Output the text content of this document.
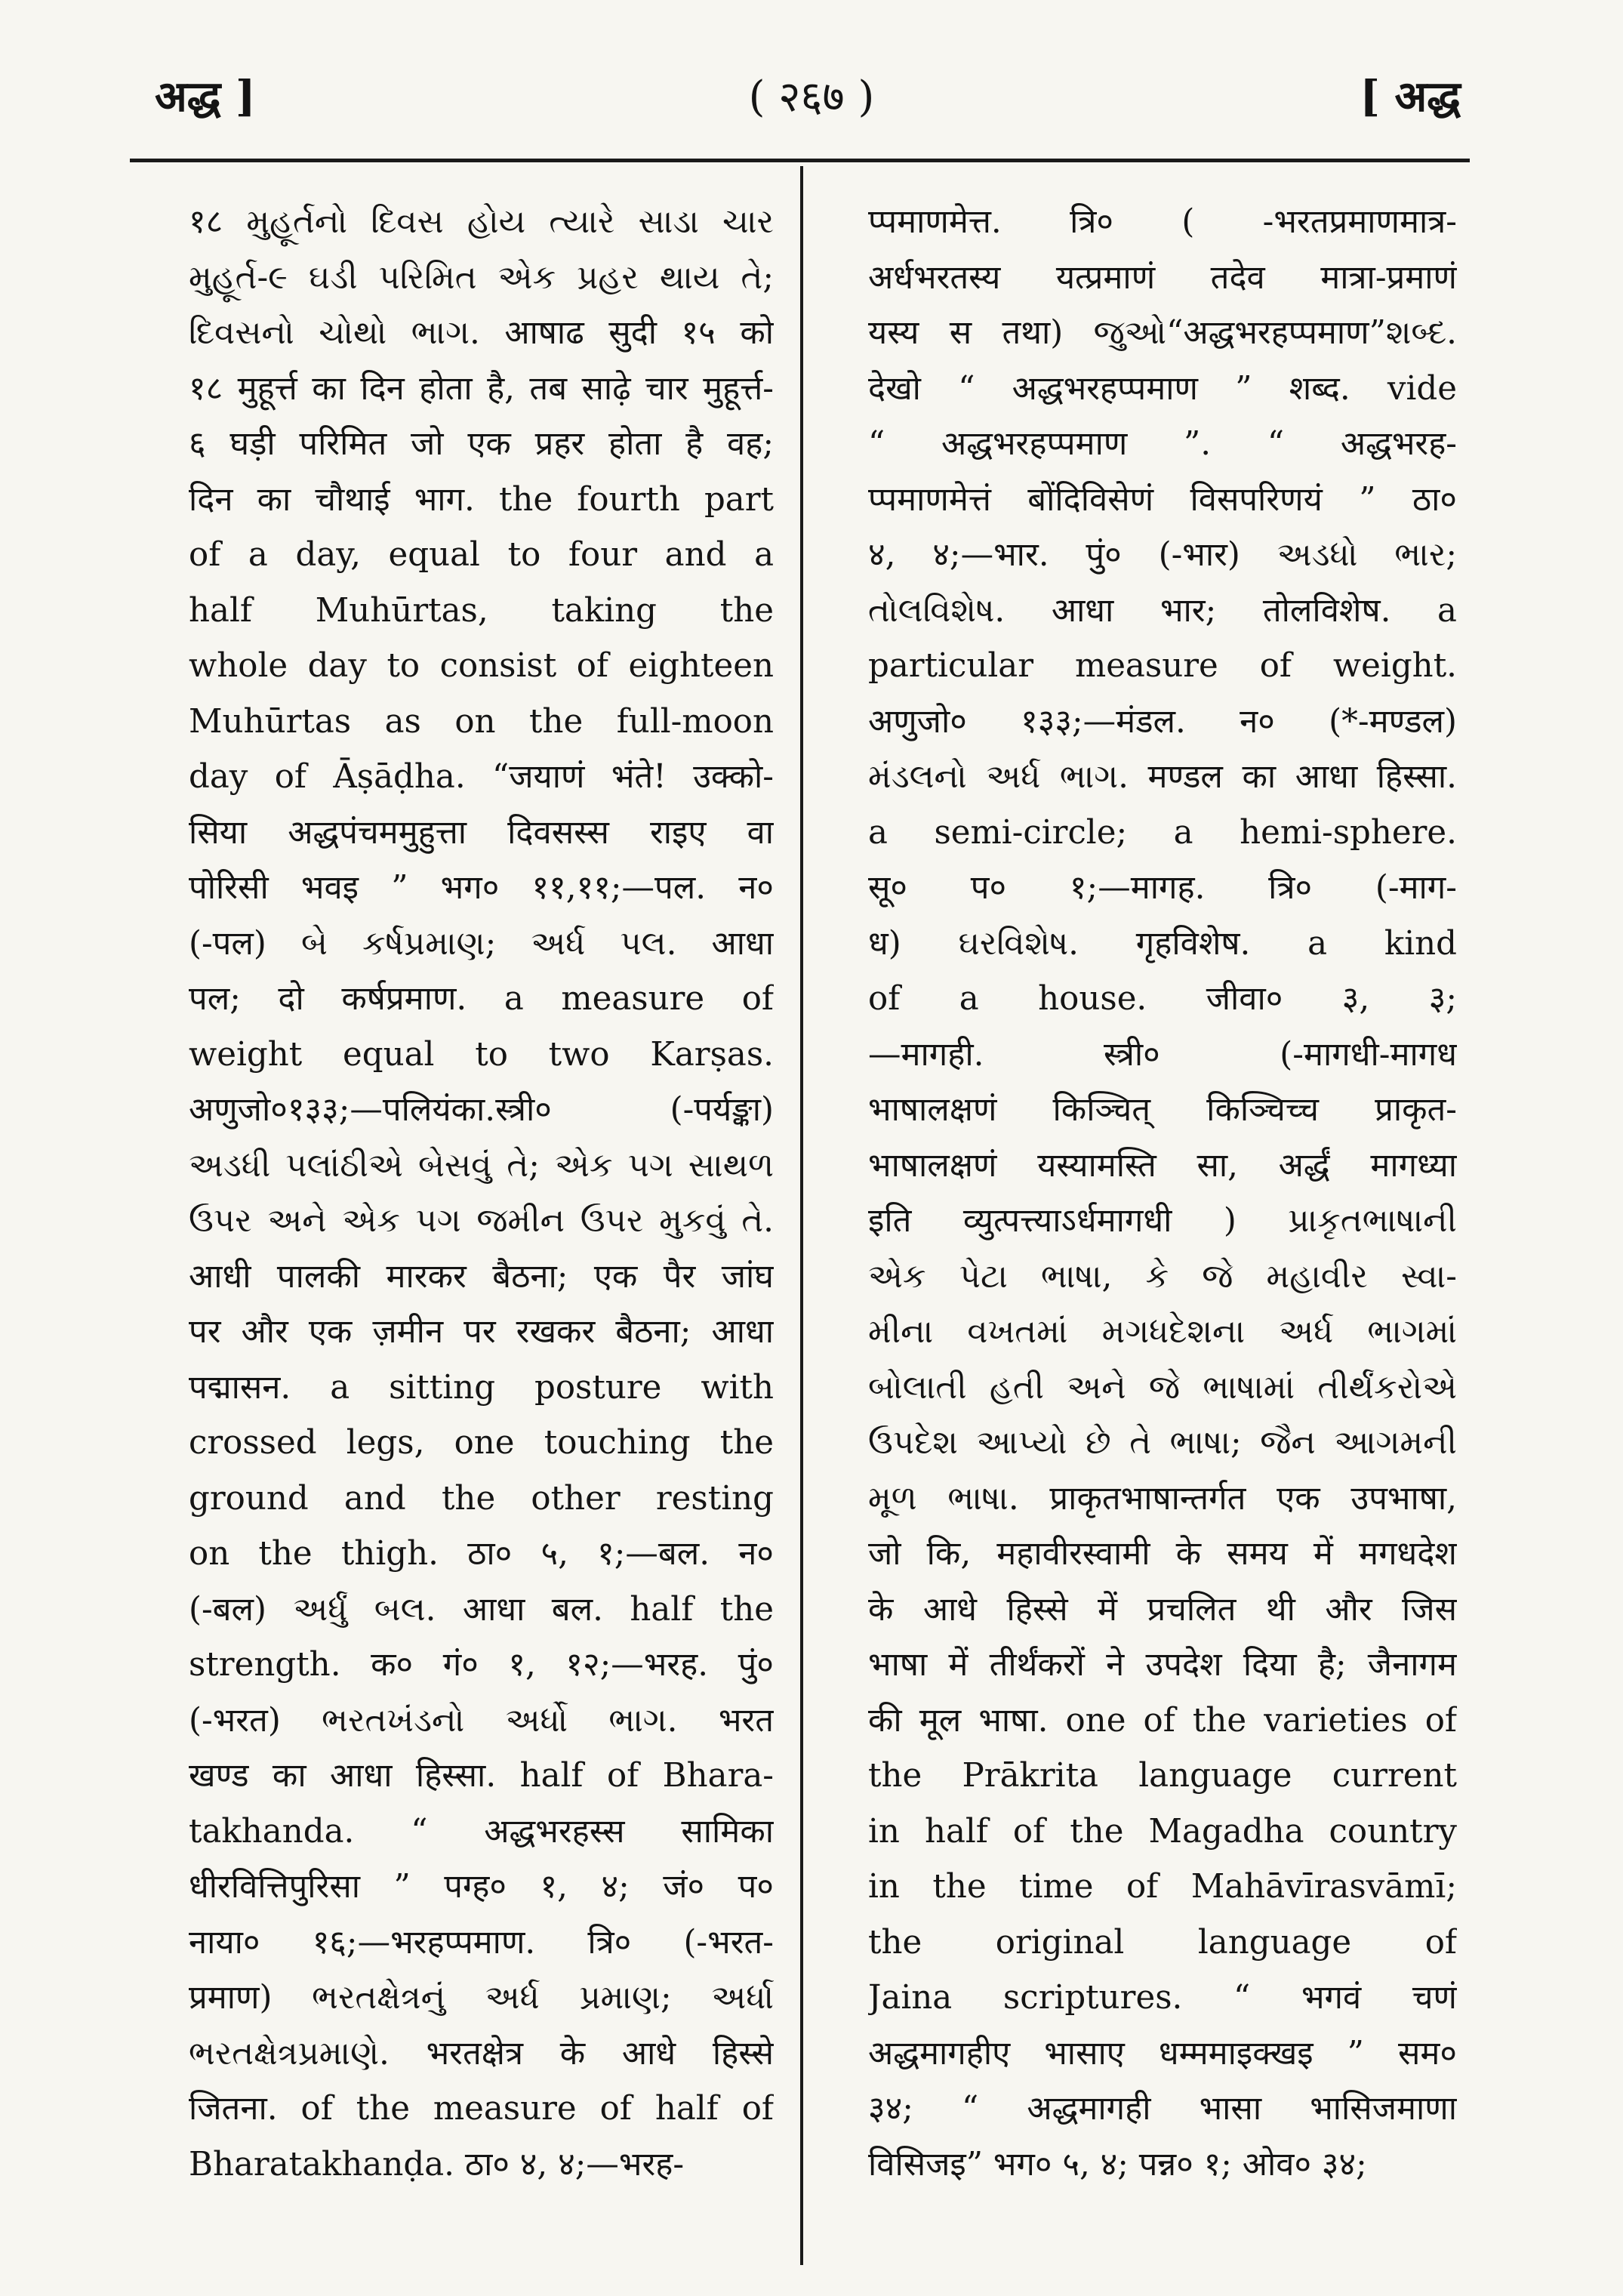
अद्ध ]	( २६७ )	[ अद्ध
१८ મુહૂર્તનો દિવસ હોય ત્યારે સાડા ચાર
મુહૂર્ત-૯ ઘડી પરિમિત એક પ્રહર થાય તે;
દિવસનો ચોથો ભાગ. आषाढ सुदी १५ को
१८ मुहूर्त्त का दिन होता है, तब साढ़े चार मुहूर्त्त-
६ घड़ी परिमित जो एक प्रहर होता है वह;
दिन का चौथाई भाग. the fourth part
of a day, equal to four and a
half Muhūrtas, taking the
whole day to consist of eighteen
Muhūrtas as on the full-moon
day of Āṣāḍha. “जयाणं भंते! उक्को-
सिया अद्धपंचममुहुत्ता दिवसस्स राइए वा
पोरिसी भवइ ” भग० ११,११;—पल. न०
(-पल) બે કર્ષપ્રમાણ; અર્ધ પલ. आधा
पल; दो कर्षप्रमाण. a measure of
weight equal to two Karṣas.
अणुजो०१३३;—पलियंका.स्त्री० (-पर्यङ्का)
અડધી પલાંઠીએ બેસવું તે; એક પગ સાથળ
ઉપર અને એક પગ જમીન ઉપર મુકવું તે.
आधी पालकी मारकर बैठना; एक पैर जांघ
पर और एक ज़मीन पर रखकर बैठना; आधा
पद्मासन. a sitting posture with
crossed legs, one touching the
ground and the other resting
on the thigh. ठा० ५, १;—बल. न०
(-बल) અર્ધું બલ. आधा बल. half the
strength. क० गं० १, १२;—भरह. पुं०
(-भरत) ભરતખંડનો અર્ધો ભાગ. भरत
खण्ड का आधा हिस्सा. half of Bhara-
takhanda. “ अद्धभरहस्स सामिका
धीरवित्तिपुरिसा ” पग्ह० १, ४; जं० प०
नाया० १६;—भरहप्पमाण. त्रि० (-भरत-
प्रमाण) ભરતક્ષેત્રનું અર્ધ પ્રમાણ; અર્ધા
ભરતક્ષેત્રપ્રમાણે. भरतक्षेत्र के आधे हिस्से
जितना. of the measure of half of
Bharatakhanḍa. ठा० ४, ४;—भरह-
प्पमाणमेत्त. त्रि० ( -भरतप्रमाणमात्र-
अर्धभरतस्य यत्प्रमाणं तदेव मात्रा-प्रमाणं
यस्य स तथा) જુઓ“अद्धभरहप्पमाण”શબ્દ.
देखो “ अद्धभरहप्पमाण ” शब्द. vide
“ अद्धभरहप्पमाण ”. “ अद्धभरह-
प्पमाणमेत्तं बोंदिविसेणं विसपरिणयं ” ठा०
४, ४;—भार. पुं० (-भार) અડધો ભાર;
તોલવિશેષ. आधा भार; तोलविशेष. a
particular measure of weight.
अणुजो० १३३;—मंडल. न० (*-मण्डल)
મંડલનો અર્ધ ભાગ. मण्डल का आधा हिस्सा.
a semi-circle; a hemi-sphere.
सू० प० १;—मागह. त्रि० (-माग-
ध) ઘરવિશેષ. गृहविशेष. a kind
of a house. जीवा० ३, ३;
—मागही. स्त्री० (-मागधी-मागध
भाषालक्षणं किञ्चित् किञ्चिच्च प्राकृत-
भाषालक्षणं यस्यामस्ति सा, अर्द्धं मागध्या
इति व्युत्पत्त्याऽर्धमागधी ) પ્રાકૃતભાષાની
એક પેટા ભાષા, કે જે મહાવીર સ્વા-
મીના વખતમાં મગધદેશના અર્ધ ભાગમાં
બોલાતી હતી અને જે ભાષામાં તીર્થંકરોએ
ઉપદેશ આપ્યો છે તે ભાષા; જૈન આગમની
મૂળ ભાષા. प्राकृतभाषान्तर्गत एक उपभाषा,
जो कि, महावीरस्वामी के समय में मगधदेश
के आधे हिस्से में प्रचलित थी और जिस
भाषा में तीर्थंकरों ने उपदेश दिया है; जैनागम
की मूल भाषा. one of the varieties of
the Prākrita language current
in half of the Magadha country
in the time of Mahāvīrasvāmī;
the original language of
Jaina scriptures. “ भगवं चणं
अद्धमागहीए भासाए धम्ममाइक्खइ ” सम०
३४; “ अद्धमागही भासा भासिजमाणा
विसिजइ” भग० ५, ४; पन्न० १; ओव० ३४;
